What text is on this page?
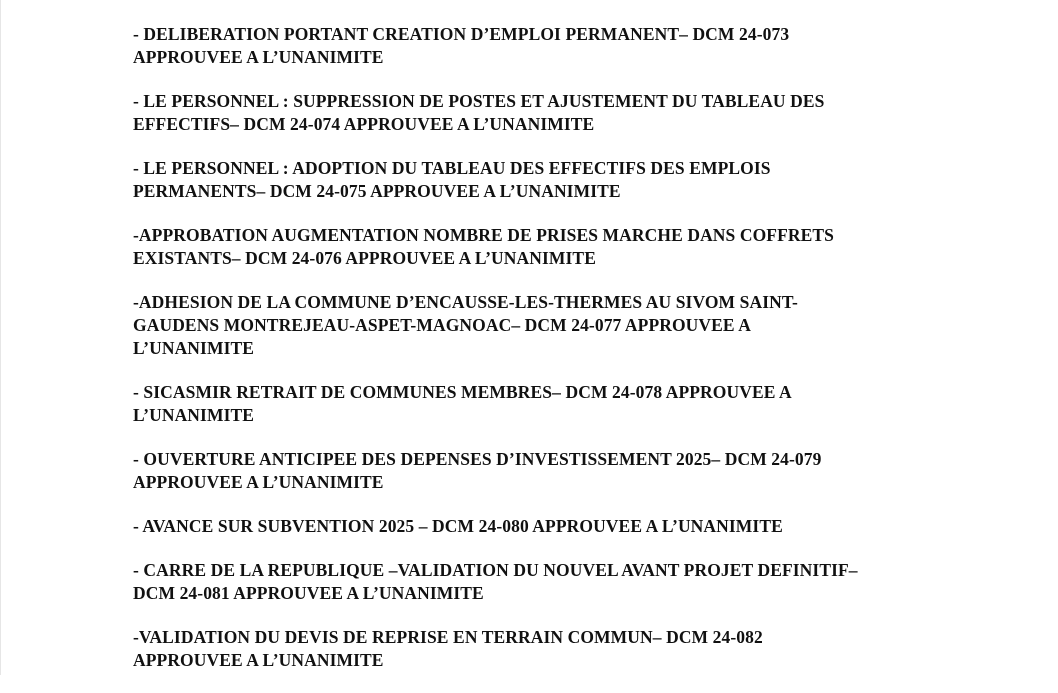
- DELIBERATION PORTANT CREATION D’EMPLOI PERMANENT– DCM 24-073
APPROUVEE A L’UNANIMITE
- LE PERSONNEL : SUPPRESSION DE POSTES ET AJUSTEMENT DU TABLEAU DES
EFFECTIFS– DCM 24-074 APPROUVEE A L’UNANIMITE
- LE PERSONNEL : ADOPTION DU TABLEAU DES EFFECTIFS DES EMPLOIS
PERMANENTS– DCM 24-075 APPROUVEE A L’UNANIMITE
-APPROBATION AUGMENTATION NOMBRE DE PRISES MARCHE DANS COFFRETS
EXISTANTS– DCM 24-076 APPROUVEE A L’UNANIMITE
-ADHESION DE LA COMMUNE D’ENCAUSSE-LES-THERMES AU SIVOM SAINT-
GAUDENS MONTREJEAU-ASPET-MAGNOAC– DCM 24-077 APPROUVEE A
L’UNANIMITE
- SICASMIR RETRAIT DE COMMUNES MEMBRES– DCM 24-078 APPROUVEE A
L’UNANIMITE
- OUVERTURE ANTICIPEE DES DEPENSES D’INVESTISSEMENT 2025– DCM 24-079
APPROUVEE A L’UNANIMITE
- AVANCE SUR SUBVENTION 2025 – DCM 24-080 APPROUVEE A L’UNANIMITE
- CARRE DE LA REPUBLIQUE –VALIDATION DU NOUVEL AVANT PROJET DEFINITIF–
DCM 24-081 APPROUVEE A L’UNANIMITE
-VALIDATION DU DEVIS DE REPRISE EN TERRAIN COMMUN– DCM 24-082
APPROUVEE A L’UNANIMITE
